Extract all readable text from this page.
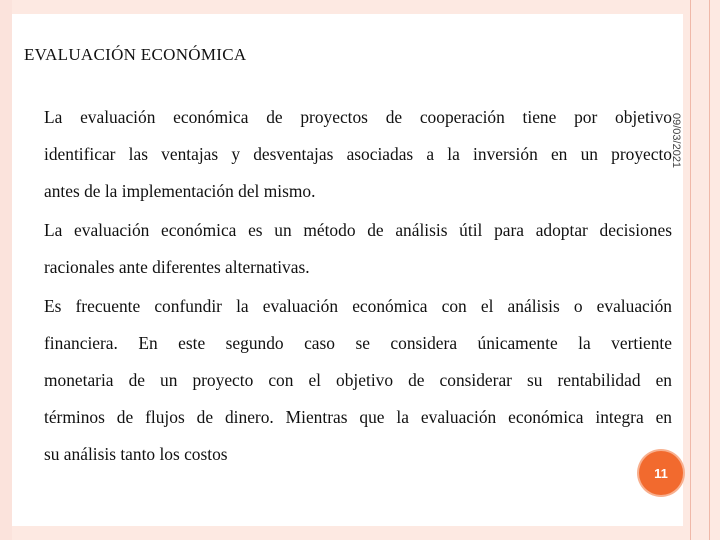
EVALUACIÓN ECONÓMICA
09/03/2021
La evaluación económica de proyectos de cooperación tiene por objetivo
identificar las ventajas y desventajas asociadas a la inversión en un proyecto
antes de la implementación del mismo.
La evaluación económica es un método de análisis útil para adoptar decisiones
racionales ante diferentes alternativas.
Es frecuente confundir la evaluación económica con el análisis o evaluación
financiera. En este segundo caso se considera únicamente la vertiente
monetaria de un proyecto con el objetivo de considerar su rentabilidad en
términos de flujos de dinero. Mientras que la evaluación económica integra en
su análisis tanto los costos
11
